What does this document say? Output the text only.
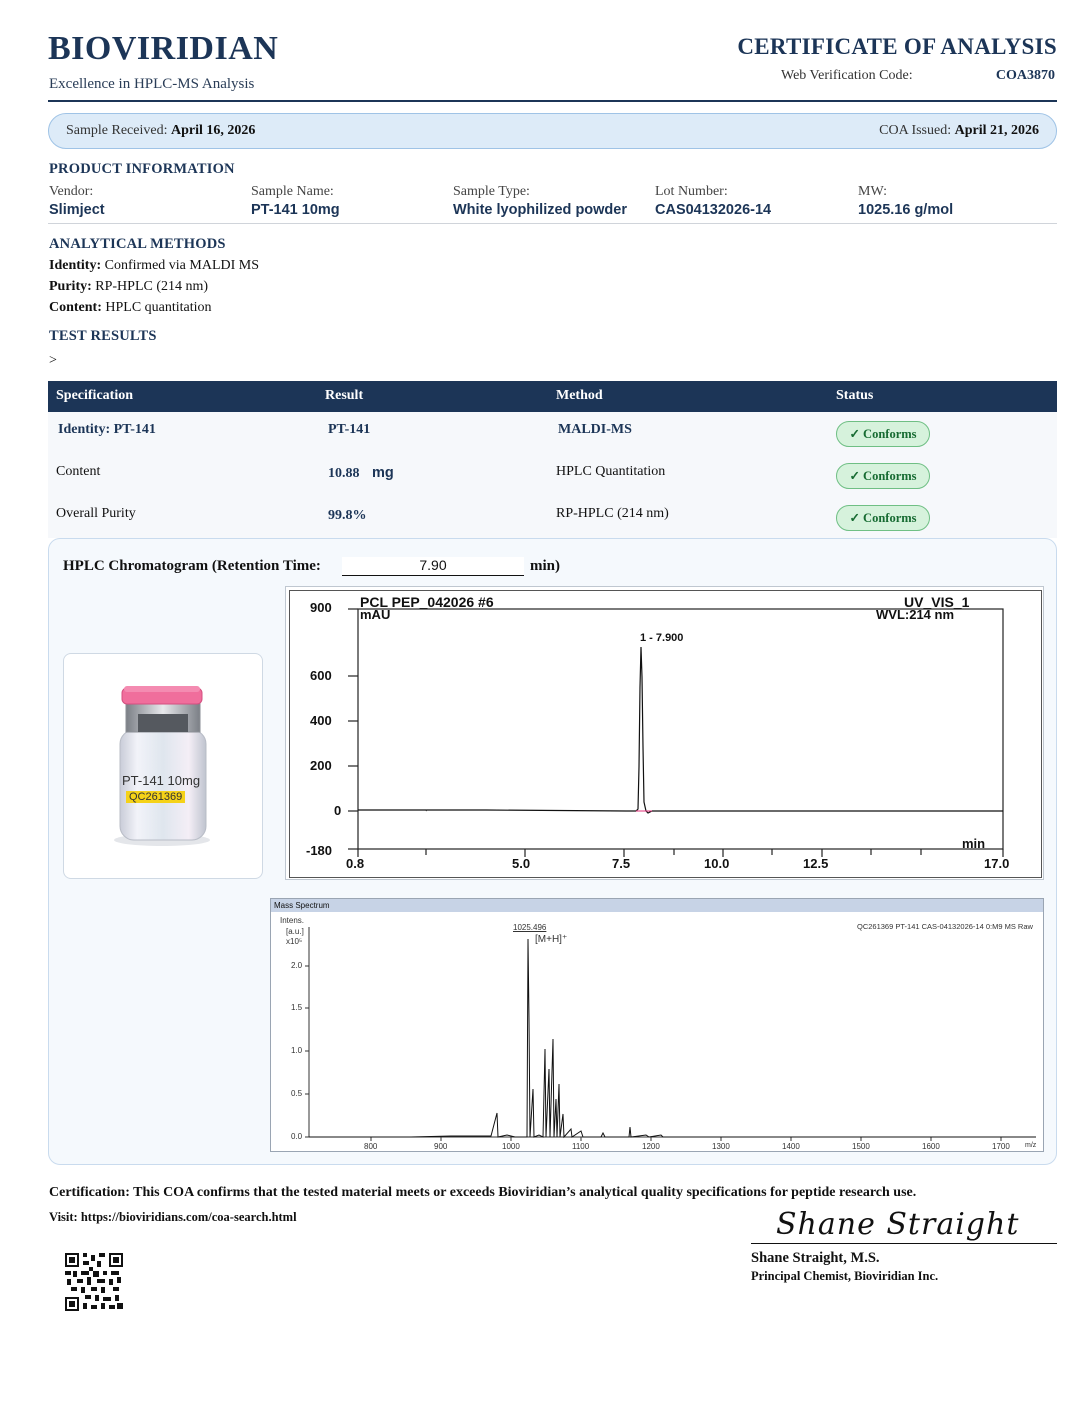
BIOVIRIDIAN
Excellence in HPLC-MS Analysis
CERTIFICATE OF ANALYSIS
Web Verification Code:	COA3870
Sample Received: April 16, 2026	COA Issued: April 21, 2026
PRODUCT INFORMATION
Vendor:
Slimject
Sample Name:
PT-141 10mg
Sample Type:
White lyophilized powder
Lot Number:
CAS04132026-14
MW:
1025.16 g/mol
ANALYTICAL METHODS
Identity: Confirmed via MALDI MS
Purity: RP-HPLC (214 nm)
Content: HPLC quantitation
TEST RESULTS
>
Specification	Result	Method	Status
Identity: PT-141	PT-141	MALDI-MS	✓ Conforms
Content	10.88 mg	HPLC Quantitation	✓ Conforms
Overall Purity	99.8%	RP-HPLC (214 nm)	✓ Conforms
HPLC Chromatogram (Retention Time:	7.90	min)
PT-141 10mg
QC261369
PCL PEP_042026 #6	UV_VIS_1
mAU	WVL:214 nm
1 - 7.900
min
900
600
400
200
0
-180
0.8	5.0	7.5	10.0	12.5	17.0
Mass Spectrum
Intens.
[a.u.]
x10⁵
1025.496
[M+H]⁺
QC261369 PT-141 CAS-04132026-14 0:M9 MS Raw
2.0
1.5
1.0
0.5
0.0
800	900	1000	1100	1200	1300	1400	1500	1600	1700 m/z
Certification: This COA confirms that the tested material meets or exceeds Bioviridian’s analytical quality specifications for peptide research use.
Visit: https://bioviridians.com/coa-search.html	Shane Straight
Shane Straight, M.S.
Principal Chemist, Bioviridian Inc.
